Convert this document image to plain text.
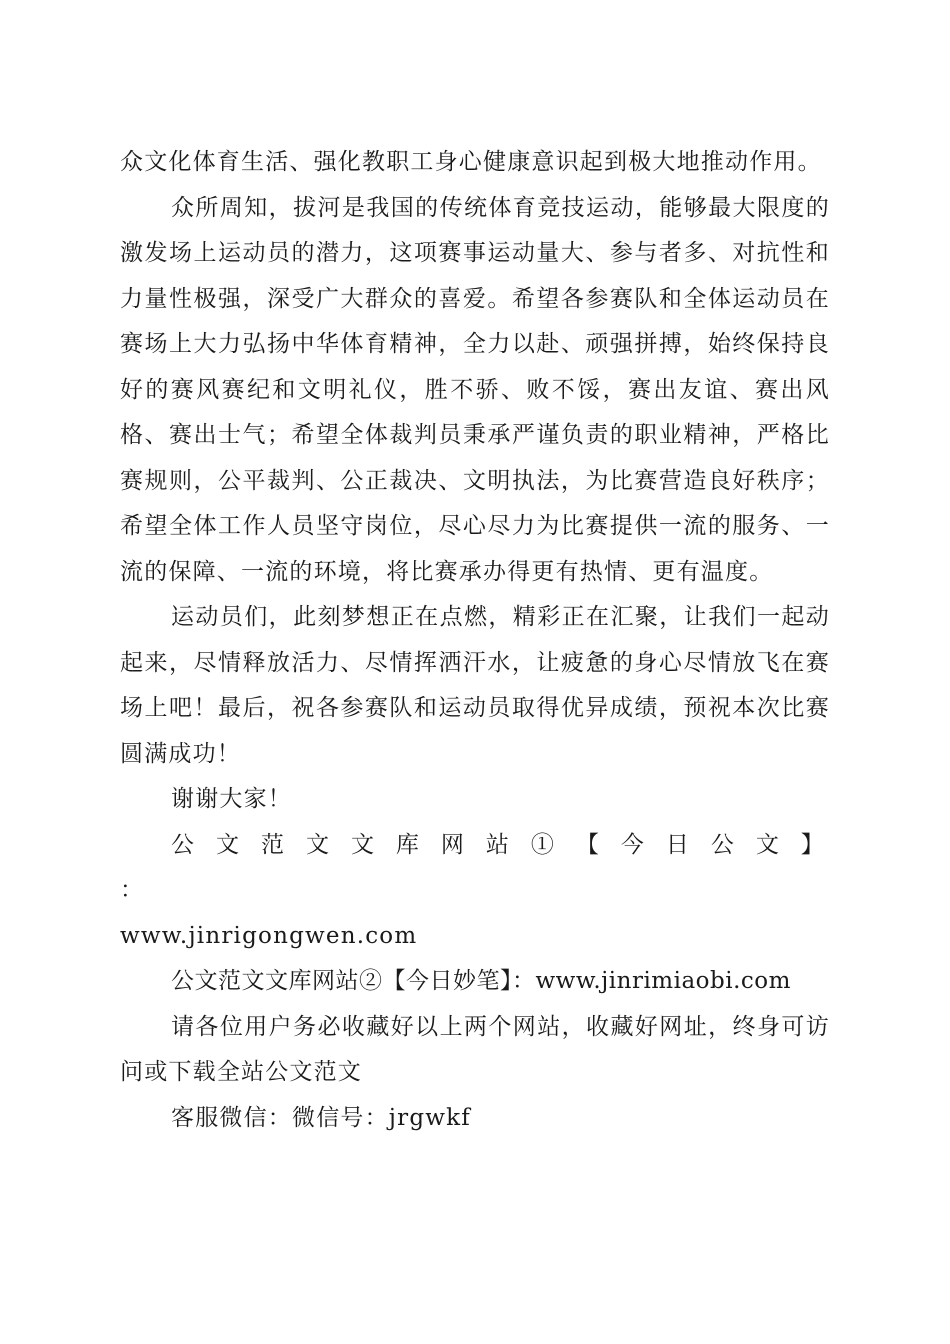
众文化体育生活、强化教职工身心健康意识起到极大地推动作用。

众所周知，拔河是我国的传统体育竞技运动，能够最大限度的激发场上运动员的潜力，这项赛事运动量大、参与者多、对抗性和力量性极强，深受广大群众的喜爱。希望各参赛队和全体运动员在赛场上大力弘扬中华体育精神，全力以赴、顽强拼搏，始终保持良好的赛风赛纪和文明礼仪，胜不骄、败不馁，赛出友谊、赛出风格、赛出士气；希望全体裁判员秉承严谨负责的职业精神，严格比赛规则，公平裁判、公正裁决、文明执法，为比赛营造良好秩序；希望全体工作人员坚守岗位，尽心尽力为比赛提供一流的服务、一流的保障、一流的环境，将比赛承办得更有热情、更有温度。

运动员们，此刻梦想正在点燃，精彩正在汇聚，让我们一起动起来，尽情释放活力、尽情挥洒汗水，让疲惫的身心尽情放飞在赛场上吧！最后，祝各参赛队和运动员取得优异成绩，预祝本次比赛圆满成功！

谢谢大家！

公 文 范 文 文 库 网 站 ① 【 今 日 公 文 】 ：

www.jinrigongwen.com

公文范文文库网站②【今日妙笔】：www.jinrimiaobi.com

请各位用户务必收藏好以上两个网站，收藏好网址，终身可访问或下载全站公文范文

客服微信：微信号：jrgwkf
